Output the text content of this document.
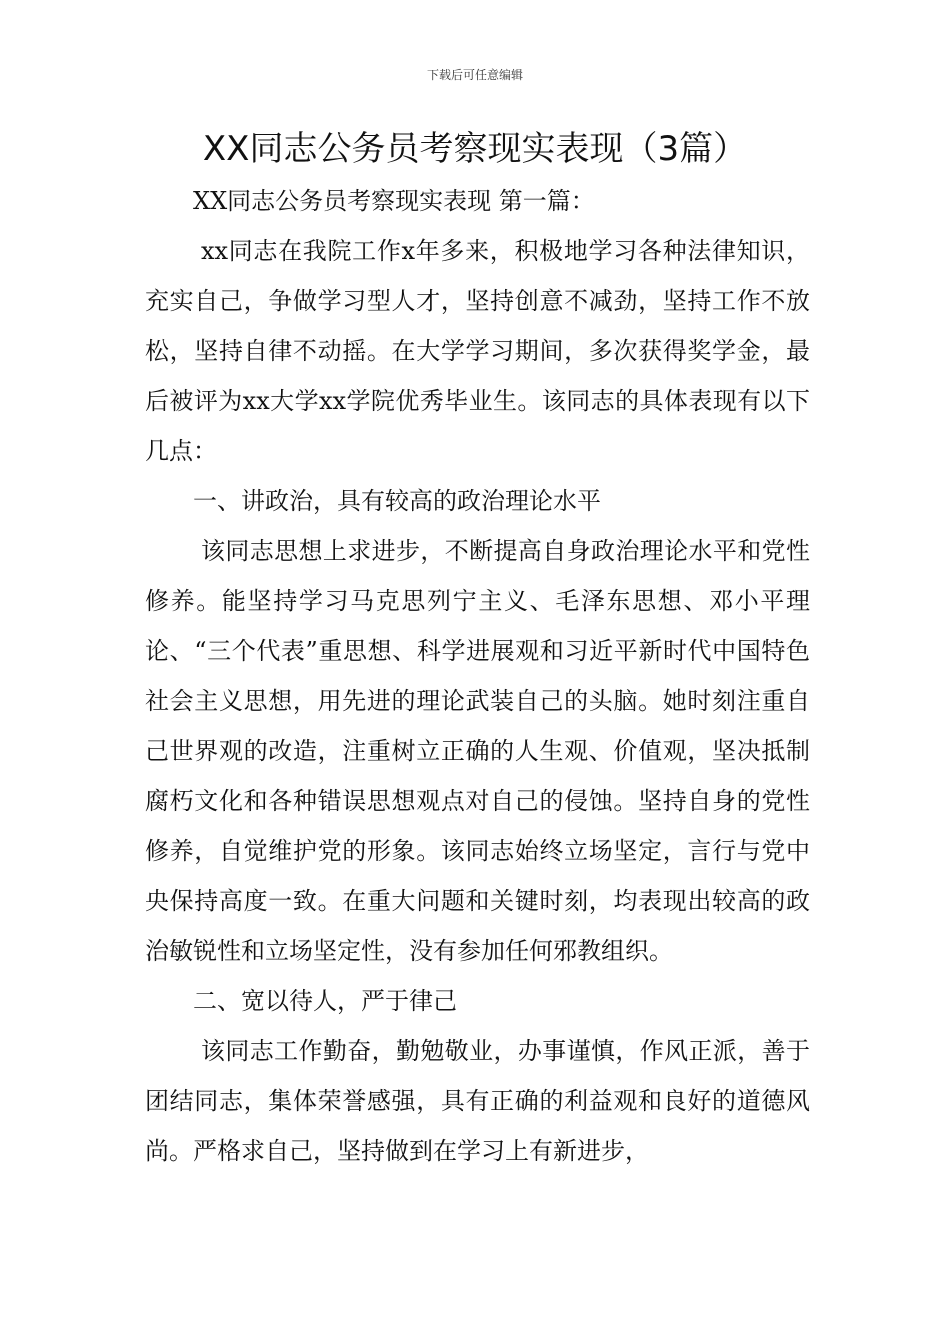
下载后可任意编辑
XX同志公务员考察现实表现（3篇）

XX同志公务员考察现实表现 第一篇：

xx同志在我院工作x年多来，积极地学习各种法律知识，充实自己，争做学习型人才，坚持创意不减劲，坚持工作不放松，坚持自律不动摇。在大学学习期间，多次获得奖学金，最后被评为xx大学xx学院优秀毕业生。该同志的具体表现有以下几点：

一、讲政治，具有较高的政治理论水平

该同志思想上求进步，不断提高自身政治理论水平和党性修养。能坚持学习马克思列宁主义、毛泽东思想、邓小平理论、“三个代表”重思想、科学进展观和习近平新时代中国特色社会主义思想，用先进的理论武装自己的头脑。她时刻注重自己世界观的改造，注重树立正确的人生观、价值观，坚决抵制腐朽文化和各种错误思想观点对自己的侵蚀。坚持自身的党性修养，自觉维护党的形象。该同志始终立场坚定，言行与党中央保持高度一致。在重大问题和关键时刻，均表现出较高的政治敏锐性和立场坚定性，没有参加任何邪教组织。

二、宽以待人，严于律己

该同志工作勤奋，勤勉敬业，办事谨慎，作风正派，善于团结同志，集体荣誉感强，具有正确的利益观和良好的道德风尚。严格求自己，坚持做到在学习上有新进步，
